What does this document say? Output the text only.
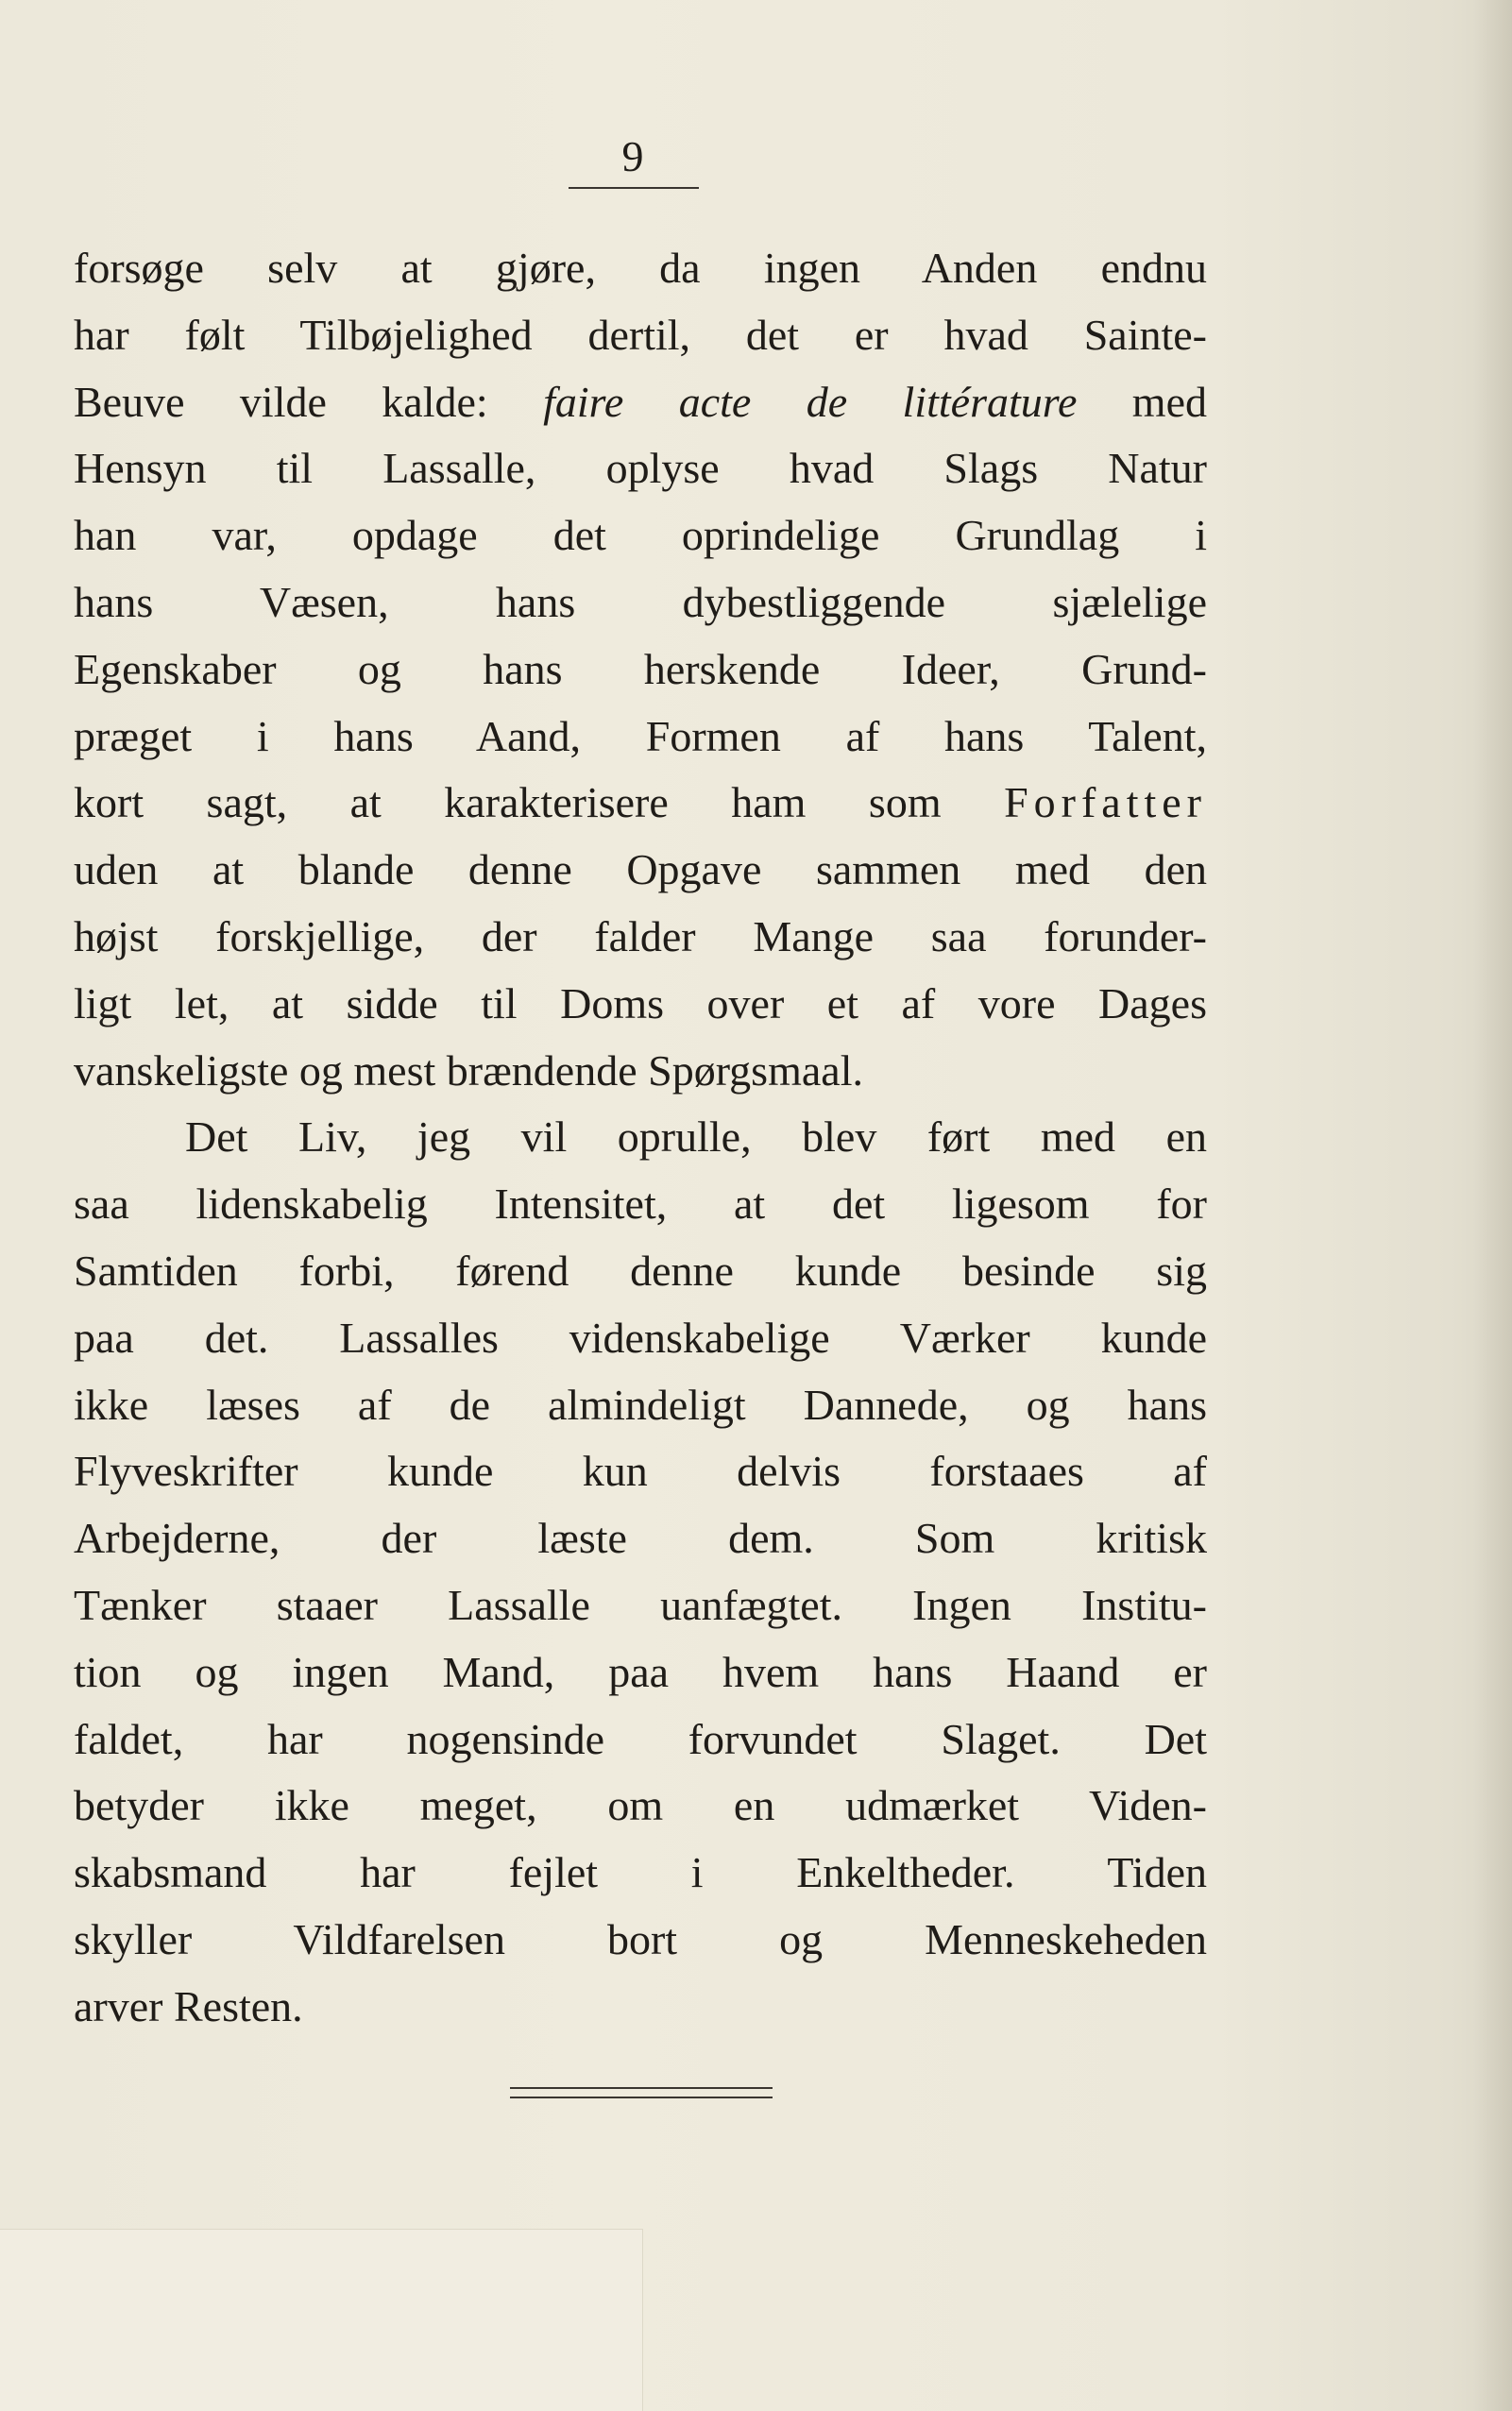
9
forsøge selv at gjøre, da ingen Anden endnu
har følt Tilbøjelighed dertil, det er hvad Sainte-
Beuve vilde kalde: faire acte de littérature med
Hensyn til Lassalle, oplyse hvad Slags Natur
han var, opdage det oprindelige Grundlag i
hans Væsen, hans dybestliggende sjælelige
Egenskaber og hans herskende Ideer, Grund-
præget i hans Aand, Formen af hans Talent,
kort sagt, at karakterisere ham som Forfatter
uden at blande denne Opgave sammen med den
højst forskjellige, der falder Mange saa forunder-
ligt let, at sidde til Doms over et af vore Dages
vanskeligste og mest brændende Spørgsmaal.
Det Liv, jeg vil oprulle, blev ført med en
saa lidenskabelig Intensitet, at det ligesom for
Samtiden forbi, førend denne kunde besinde sig
paa det. Lassalles videnskabelige Værker kunde
ikke læses af de almindeligt Dannede, og hans
Flyveskrifter kunde kun delvis forstaaes af
Arbejderne, der læste dem. Som kritisk
Tænker staaer Lassalle uanfægtet. Ingen Institu-
tion og ingen Mand, paa hvem hans Haand er
faldet, har nogensinde forvundet Slaget. Det
betyder ikke meget, om en udmærket Viden-
skabsmand har fejlet i Enkeltheder. Tiden
skyller Vildfarelsen bort og Menneskeheden
arver Resten.
